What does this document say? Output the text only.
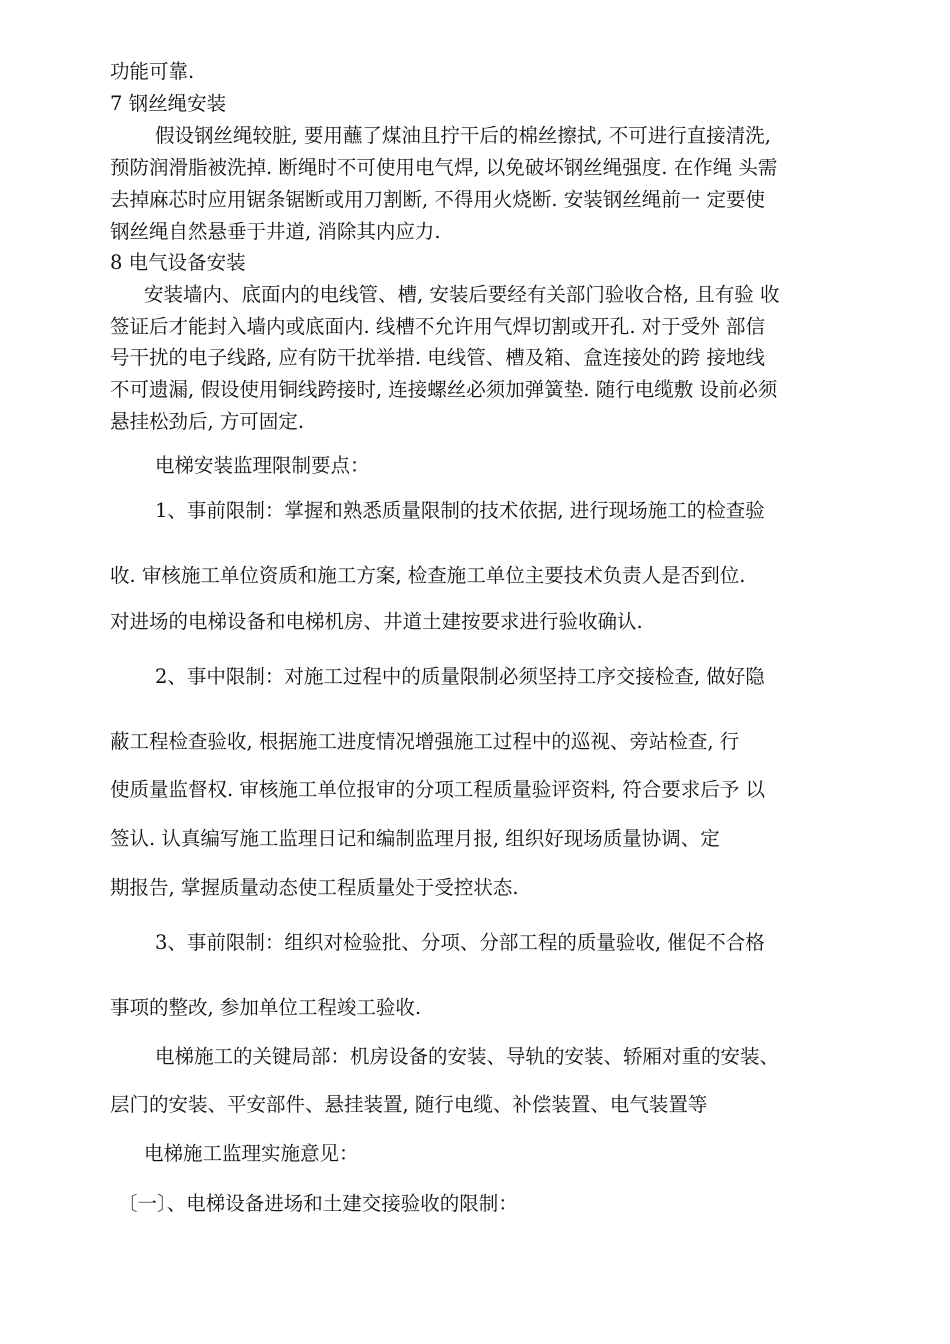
功能可靠.

7 钢丝绳安装

假设钢丝绳较脏, 要用蘸了煤油且拧干后的棉丝擦拭, 不可进行直接清洗,

预防润滑脂被洗掉. 断绳时不可使用电气焊, 以免破坏钢丝绳强度. 在作绳 头需

去掉麻芯时应用锯条锯断或用刀割断, 不得用火烧断. 安装钢丝绳前一 定要使

钢丝绳自然悬垂于井道, 消除其内应力.

8 电气设备安装

安装墙内、底面内的电线管、槽, 安装后要经有关部门验收合格, 且有验 收

签证后才能封入墙内或底面内. 线槽不允许用气焊切割或开孔. 对于受外 部信

号干扰的电子线路, 应有防干扰举措. 电线管、槽及箱、盒连接处的跨 接地线

不可遗漏, 假设使用铜线跨接时, 连接螺丝必须加弹簧垫. 随行电缆敷 设前必须

悬挂松劲后, 方可固定.

电梯安装监理限制要点：

1、事前限制：掌握和熟悉质量限制的技术依据, 进行现场施工的检查验

收. 审核施工单位资质和施工方案, 检查施工单位主要技术负责人是否到位.

对进场的电梯设备和电梯机房、井道土建按要求进行验收确认.

2、事中限制：对施工过程中的质量限制必须坚持工序交接检查, 做好隐

蔽工程检查验收, 根据施工进度情况增强施工过程中的巡视、旁站检查, 行

使质量监督权. 审核施工单位报审的分项工程质量验评资料, 符合要求后予 以

签认. 认真编写施工监理日记和编制监理月报, 组织好现场质量协调、定

期报告, 掌握质量动态使工程质量处于受控状态.

3、事前限制：组织对检验批、分项、分部工程的质量验收, 催促不合格

事项的整改, 参加单位工程竣工验收.

电梯施工的关键局部：机房设备的安装、导轨的安装、轿厢对重的安装、

层门的安装、平安部件、悬挂装置, 随行电缆、补偿装置、电气装置等

电梯施工监理实施意见：

〔一〕、电梯设备进场和土建交接验收的限制：
